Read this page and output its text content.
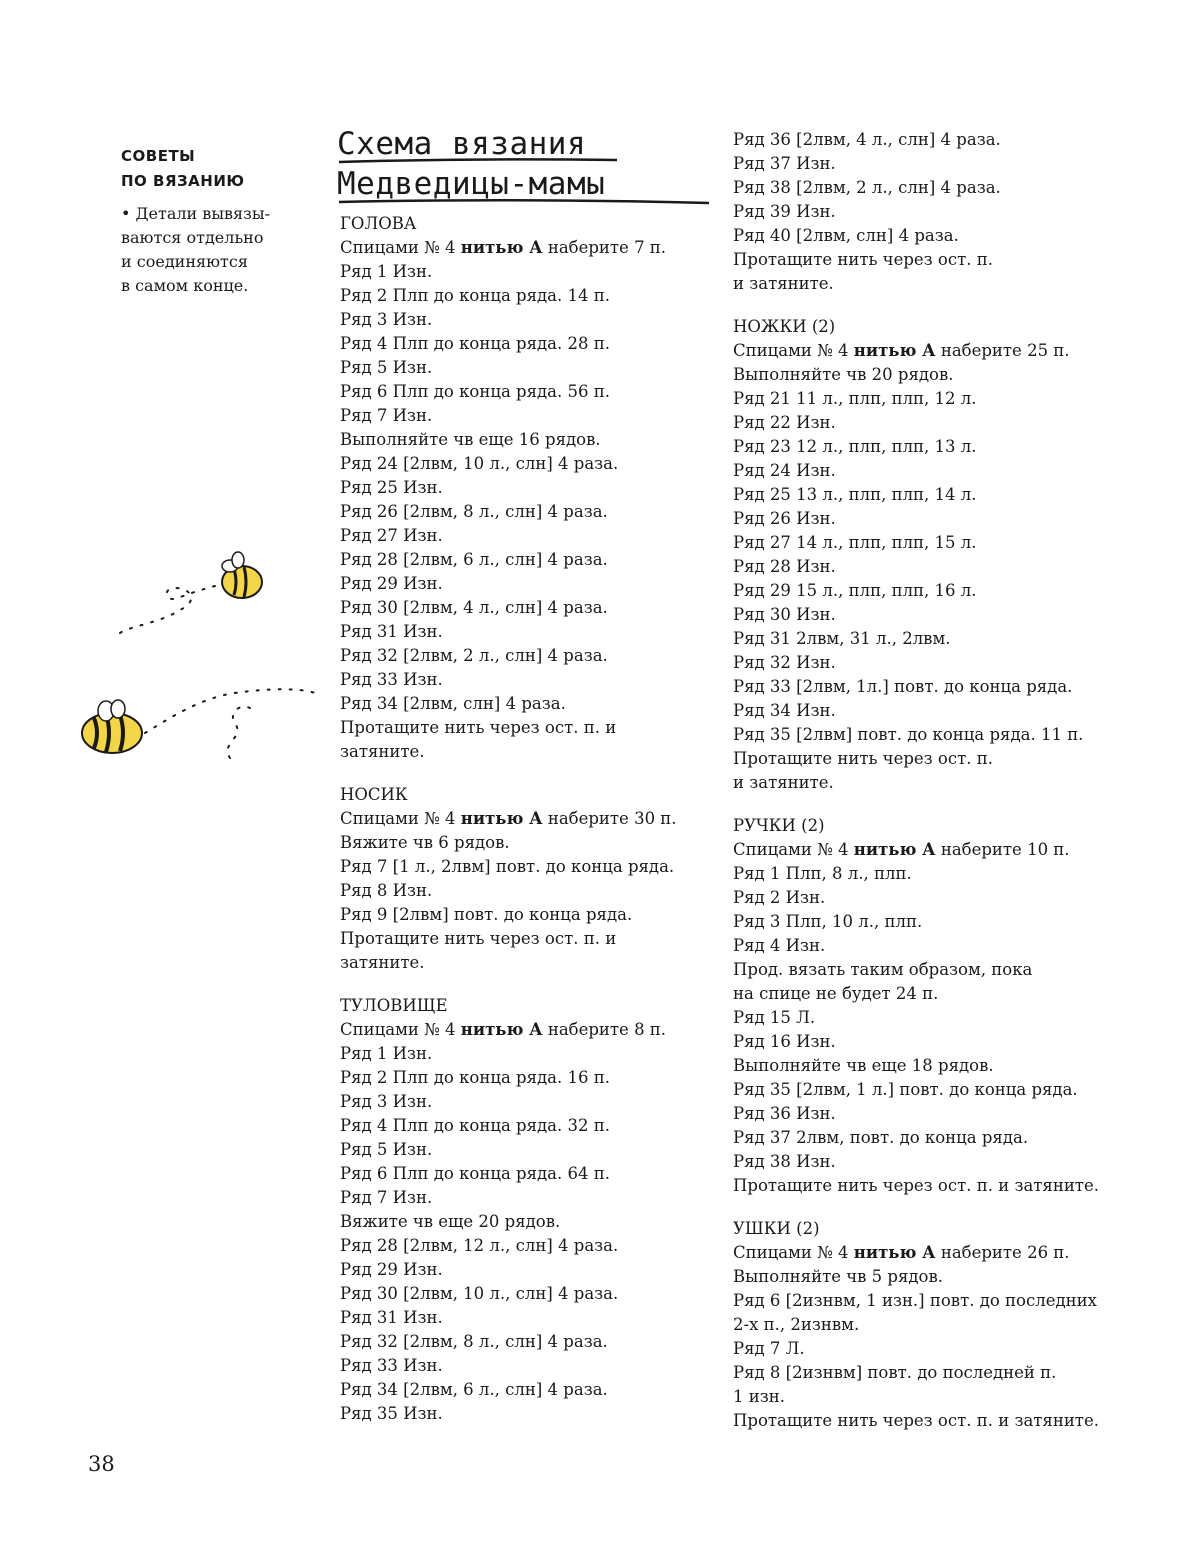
СОВЕТЫ
ПО ВЯЗАНИЮ
• Детали вывязы-
ваются отдельно
и соединяются
в самом конце.
Схема вязания
Медведицы-мамы
ГОЛОВА
Спицами № 4 нитью А наберите 7 п.
Ряд 1 Изн.
Ряд 2 Плп до конца ряда. 14 п.
Ряд 3 Изн.
Ряд 4 Плп до конца ряда. 28 п.
Ряд 5 Изн.
Ряд 6 Плп до конца ряда. 56 п.
Ряд 7 Изн.
Выполняйте чв еще 16 рядов.
Ряд 24 [2лвм, 10 л., слн] 4 раза.
Ряд 25 Изн.
Ряд 26 [2лвм, 8 л., слн] 4 раза.
Ряд 27 Изн.
Ряд 28 [2лвм, 6 л., слн] 4 раза.
Ряд 29 Изн.
Ряд 30 [2лвм, 4 л., слн] 4 раза.
Ряд 31 Изн.
Ряд 32 [2лвм, 2 л., слн] 4 раза.
Ряд 33 Изн.
Ряд 34 [2лвм, слн] 4 раза.
Протащите нить через ост. п. и
затяните.
НОСИК
Спицами № 4 нитью А наберите 30 п.
Вяжите чв 6 рядов.
Ряд 7 [1 л., 2лвм] повт. до конца ряда.
Ряд 8 Изн.
Ряд 9 [2лвм] повт. до конца ряда.
Протащите нить через ост. п. и
затяните.
ТУЛОВИЩЕ
Спицами № 4 нитью А наберите 8 п.
Ряд 1 Изн.
Ряд 2 Плп до конца ряда. 16 п.
Ряд 3 Изн.
Ряд 4 Плп до конца ряда. 32 п.
Ряд 5 Изн.
Ряд 6 Плп до конца ряда. 64 п.
Ряд 7 Изн.
Вяжите чв еще 20 рядов.
Ряд 28 [2лвм, 12 л., слн] 4 раза.
Ряд 29 Изн.
Ряд 30 [2лвм, 10 л., слн] 4 раза.
Ряд 31 Изн.
Ряд 32 [2лвм, 8 л., слн] 4 раза.
Ряд 33 Изн.
Ряд 34 [2лвм, 6 л., слн] 4 раза.
Ряд 35 Изн.
Ряд 36 [2лвм, 4 л., слн] 4 раза.
Ряд 37 Изн.
Ряд 38 [2лвм, 2 л., слн] 4 раза.
Ряд 39 Изн.
Ряд 40 [2лвм, слн] 4 раза.
Протащите нить через ост. п.
и затяните.
НОЖКИ (2)
Спицами № 4 нитью А наберите 25 п.
Выполняйте чв 20 рядов.
Ряд 21 11 л., плп, плп, 12 л.
Ряд 22 Изн.
Ряд 23 12 л., плп, плп, 13 л.
Ряд 24 Изн.
Ряд 25 13 л., плп, плп, 14 л.
Ряд 26 Изн.
Ряд 27 14 л., плп, плп, 15 л.
Ряд 28 Изн.
Ряд 29 15 л., плп, плп, 16 л.
Ряд 30 Изн.
Ряд 31 2лвм, 31 л., 2лвм.
Ряд 32 Изн.
Ряд 33 [2лвм, 1л.] повт. до конца ряда.
Ряд 34 Изн.
Ряд 35 [2лвм] повт. до конца ряда. 11 п.
Протащите нить через ост. п.
и затяните.
РУЧКИ (2)
Спицами № 4 нитью А наберите 10 п.
Ряд 1 Плп, 8 л., плп.
Ряд 2 Изн.
Ряд 3 Плп, 10 л., плп.
Ряд 4 Изн.
Прод. вязать таким образом, пока
на спице не будет 24 п.
Ряд 15 Л.
Ряд 16 Изн.
Выполняйте чв еще 18 рядов.
Ряд 35 [2лвм, 1 л.] повт. до конца ряда.
Ряд 36 Изн.
Ряд 37 2лвм, повт. до конца ряда.
Ряд 38 Изн.
Протащите нить через ост. п. и затяните.
УШКИ (2)
Спицами № 4 нитью А наберите 26 п.
Выполняйте чв 5 рядов.
Ряд 6 [2изнвм, 1 изн.] повт. до последних
2-х п., 2изнвм.
Ряд 7 Л.
Ряд 8 [2изнвм] повт. до последней п.
1 изн.
Протащите нить через ост. п. и затяните.
38
